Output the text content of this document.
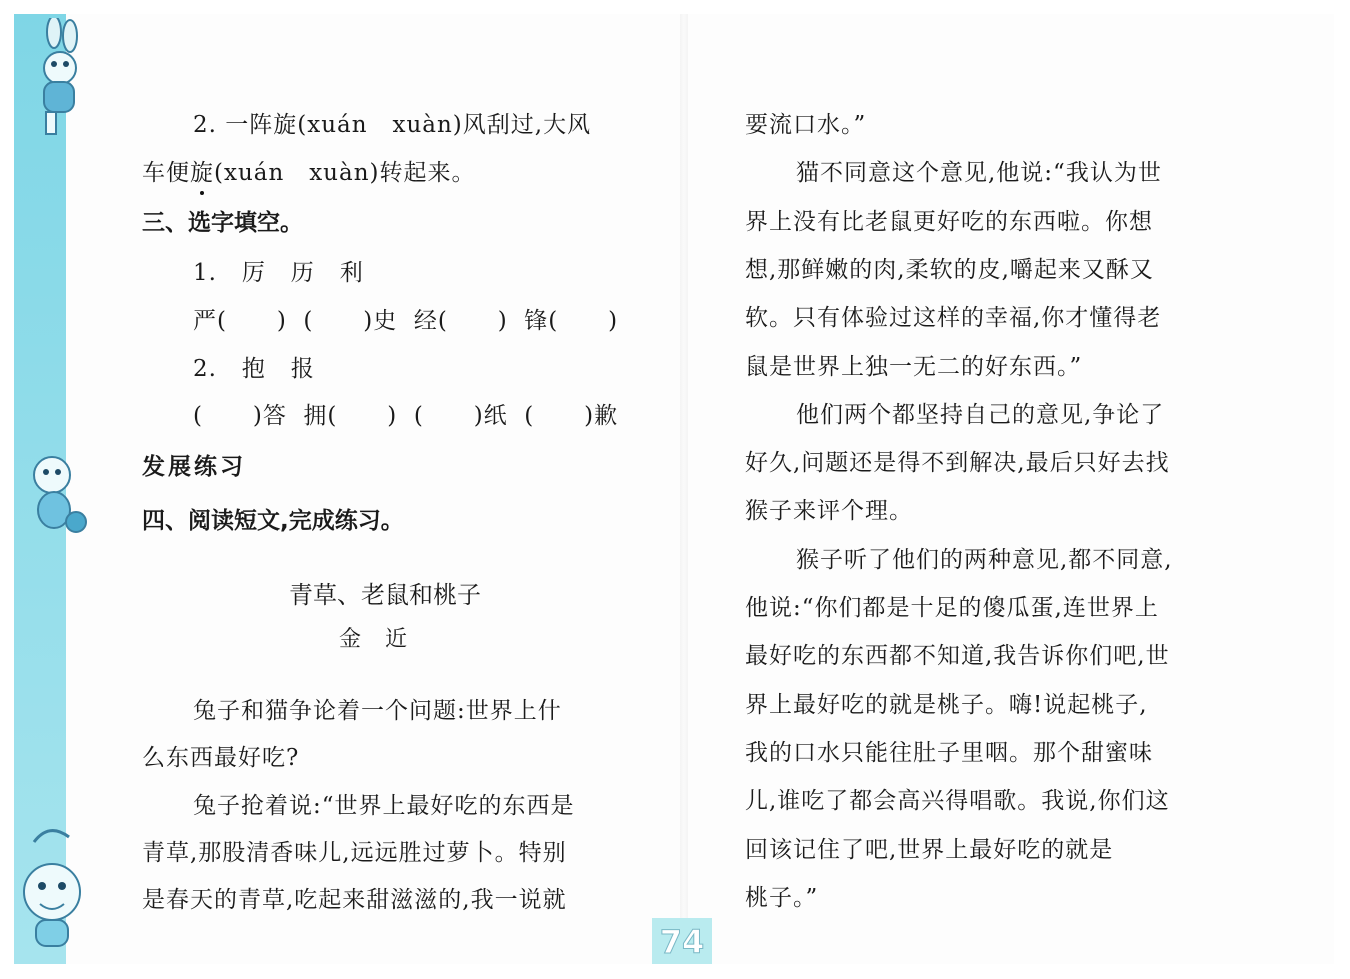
2. 一阵旋(xuán   xuàn)风刮过,大风
车便旋(xuán   xuàn)转起来。
三、选字填空。
1.   厉   历   利
严(      )  (      )史  经(      )  锋(      )
2.   抱   报
(      )答  拥(      )  (      )纸  (      )歉
发展练习
四、阅读短文,完成练习。
青草、老鼠和桃子
金近
兔子和猫争论着一个问题:世界上什
么东西最好吃?
兔子抢着说:“世界上最好吃的东西是
青草,那股清香味儿,远远胜过萝卜。特别
是春天的青草,吃起来甜滋滋的,我一说就
要流口水。”
猫不同意这个意见,他说:“我认为世
界上没有比老鼠更好吃的东西啦。你想
想,那鲜嫩的肉,柔软的皮,嚼起来又酥又
软。只有体验过这样的幸福,你才懂得老
鼠是世界上独一无二的好东西。”
他们两个都坚持自己的意见,争论了
好久,问题还是得不到解决,最后只好去找
猴子来评个理。
猴子听了他们的两种意见,都不同意,
他说:“你们都是十足的傻瓜蛋,连世界上
最好吃的东西都不知道,我告诉你们吧,世
界上最好吃的就是桃子。嗨!说起桃子,
我的口水只能往肚子里咽。那个甜蜜味
儿,谁吃了都会高兴得唱歌。我说,你们这
回该记住了吧,世界上最好吃的就是
桃子。”
74
